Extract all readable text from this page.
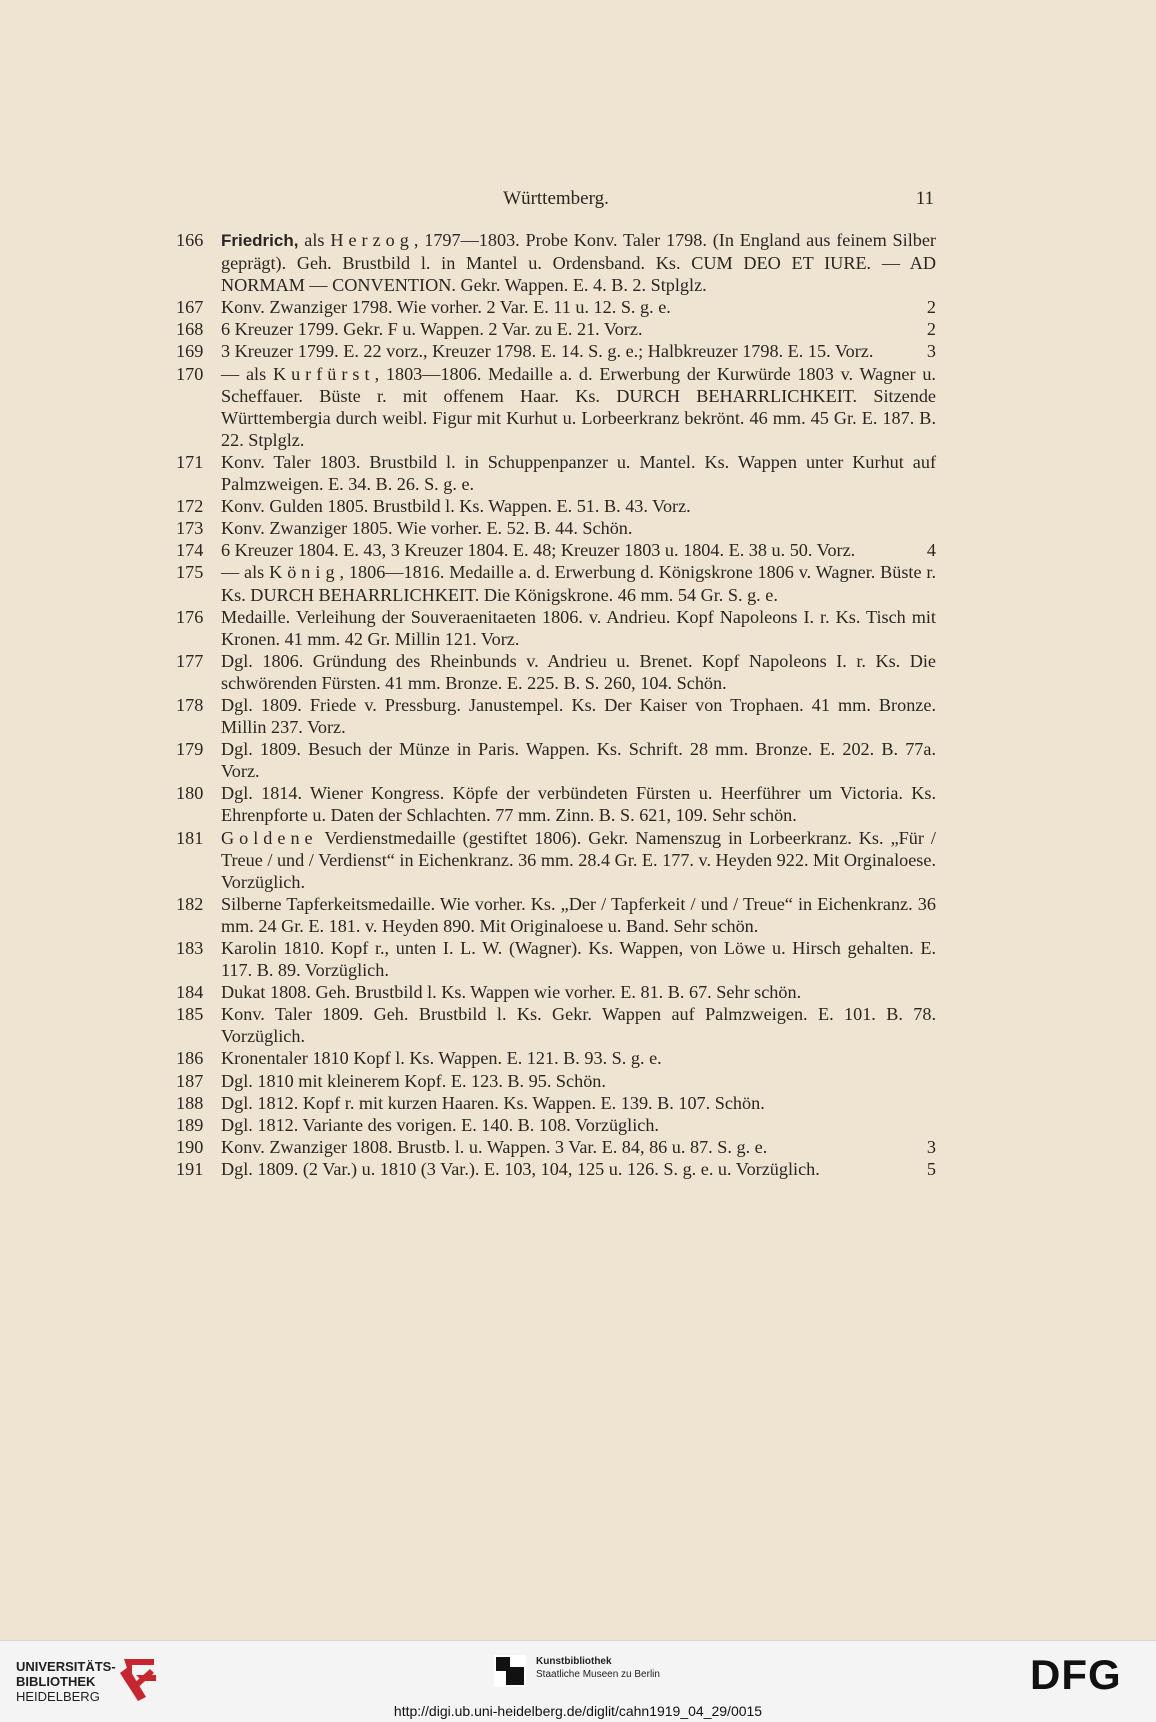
Württemberg.	11
166	Friedrich, als Herzog, 1797—1803. Probe Konv. Taler 1798. (In England aus feinem Silber geprägt). Geh. Brustbild l. in Mantel u. Ordensband. Ks. CUM DEO ET IURE. — AD NORMAM — CONVENTION. Gekr. Wappen. E. 4. B. 2. Stplglz.
167 Konv. Zwanziger 1798. Wie vorher. 2 Var. E. 11 u. 12. S. g. e.	2
168 6 Kreuzer 1799. Gekr. F u. Wappen. 2 Var. zu E. 21. Vorz.	2
169 3 Kreuzer 1799. E. 22 vorz., Kreuzer 1798. E. 14. S. g. e.; Halbkreuzer 1798. E. 15. Vorz.	3
170 — als Kurfürst, 1803—1806. Medaille a. d. Erwerbung der Kurwürde 1803 v. Wagner u. Scheffauer. Büste r. mit offenem Haar. Ks. DURCH BEHARRLICHKEIT. Sitzende Württembergia durch weibl. Figur mit Kurhut u. Lorbeerkranz bekrönt. 46 mm. 45 Gr. E. 187. B. 22. Stplglz.
171 Konv. Taler 1803. Brustbild l. in Schuppenpanzer u. Mantel. Ks. Wappen unter Kurhut auf Palmzweigen. E. 34. B. 26. S. g. e.
172 Konv. Gulden 1805. Brustbild l. Ks. Wappen. E. 51. B. 43. Vorz.
173 Konv. Zwanziger 1805. Wie vorher. E. 52. B. 44. Schön.
174 6 Kreuzer 1804. E. 43, 3 Kreuzer 1804. E. 48; Kreuzer 1803 u. 1804. E. 38 u. 50. Vorz.	4
175 — als König, 1806—1816. Medaille a. d. Erwerbung d. Königskrone 1806 v. Wagner. Büste r. Ks. DURCH BEHARRLICHKEIT. Die Königskrone. 46 mm. 54 Gr. S. g. e.
176 Medaille. Verleihung der Souveraenitaeten 1806. v. Andrieu. Kopf Napoleons I. r. Ks. Tisch mit Kronen. 41 mm. 42 Gr. Millin 121. Vorz.
177 Dgl. 1806. Gründung des Rheinbunds v. Andrieu u. Brenet. Kopf Napoleons I. r. Ks. Die schwörenden Fürsten. 41 mm. Bronze. E. 225. B. S. 260, 104. Schön.
178 Dgl. 1809. Friede v. Pressburg. Janustempel. Ks. Der Kaiser von Trophaen. 41 mm. Bronze. Millin 237. Vorz.
179 Dgl. 1809. Besuch der Münze in Paris. Wappen. Ks. Schrift. 28 mm. Bronze. E. 202. B. 77a. Vorz.
180 Dgl. 1814. Wiener Kongress. Köpfe der verbündeten Fürsten u. Heerführer um Victoria. Ks. Ehrenpforte u. Daten der Schlachten. 77 mm. Zinn. B. S. 621, 109. Sehr schön.
181 Goldene Verdienstmedaille (gestiftet 1806). Gekr. Namenszug in Lorbeerkranz. Ks. „Für / Treue / und / Verdienst“ in Eichenkranz. 36 mm. 28.4 Gr. E. 177. v. Heyden 922. Mit Orginaloese. Vorzüglich.
182 Silberne Tapferkeitsmedaille. Wie vorher. Ks. „Der / Tapferkeit / und / Treue“ in Eichenkranz. 36 mm. 24 Gr. E. 181. v. Heyden 890. Mit Originaloese u. Band. Sehr schön.
183 Karolin 1810. Kopf r., unten I. L. W. (Wagner). Ks. Wappen, von Löwe u. Hirsch gehalten. E. 117. B. 89. Vorzüglich.
184 Dukat 1808. Geh. Brustbild l. Ks. Wappen wie vorher. E. 81. B. 67. Sehr schön.
185 Konv. Taler 1809. Geh. Brustbild l. Ks. Gekr. Wappen auf Palmzweigen. E. 101. B. 78. Vorzüglich.
186 Kronentaler 1810 Kopf l. Ks. Wappen. E. 121. B. 93. S. g. e.
187 Dgl. 1810 mit kleinerem Kopf. E. 123. B. 95. Schön.
188 Dgl. 1812. Kopf r. mit kurzen Haaren. Ks. Wappen. E. 139. B. 107. Schön.
189 Dgl. 1812. Variante des vorigen. E. 140. B. 108. Vorzüglich.
190 Konv. Zwanziger 1808. Brustb. l. u. Wappen. 3 Var. E. 84, 86 u. 87. S. g. e.	3
191 Dgl. 1809. (2 Var.) u. 1810 (3 Var.). E. 103, 104, 125 u. 126. S. g. e. u. Vorzüglich.	5
UNIVERSITÄTS-
BIBLIOTHEK
HEIDELBERG
Kunstbibliothek
Staatliche Museen zu Berlin	DFG
http://digi.ub.uni-heidelberg.de/diglit/cahn1919_04_29/0015
